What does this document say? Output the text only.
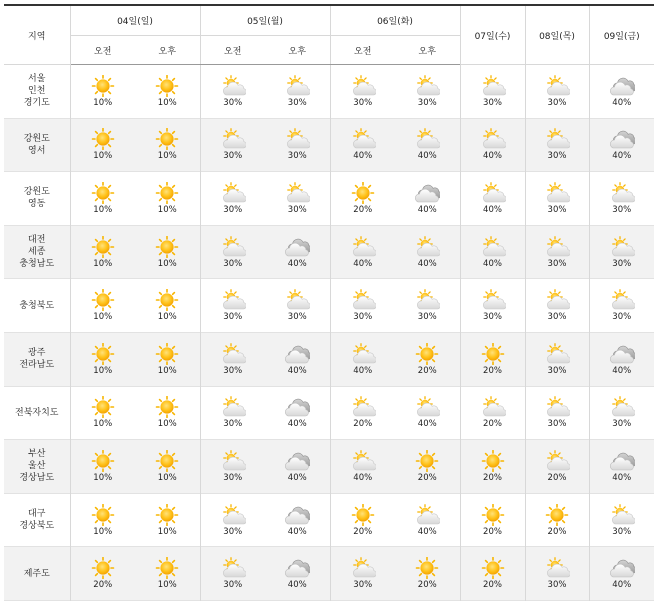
지역	04일(일)		05일(월)		06일(화)		07일(수)	08일(목)	09일(금)
	오전	오후	오전	오후	오전	오후			
서울
인천
경기도	10%	10%	30%	30%	30%	30%	30%	30%	40%

강원도
영서	10%	10%	30%	30%	40%	40%	40%	30%	40%

강원도
영동	10%	10%	30%	30%	20%	40%	40%	30%	30%

대전
세종
충청남도	10%	10%	30%	40%	40%	40%	40%	30%	30%

충청북도	10%	10%	30%	30%	30%	30%	30%	30%	30%

광주
전라남도	10%	10%	30%	40%	40%	20%	20%	30%	40%

전북자치도	10%	10%	30%	40%	20%	40%	20%	30%	30%

부산
울산
경상남도	10%	10%	30%	40%	40%	20%	20%	20%	40%

대구
경상북도	10%	10%	30%	40%	20%	40%	20%	20%	30%

제주도	20%	10%	30%	40%	30%	20%	20%	30%	40%
